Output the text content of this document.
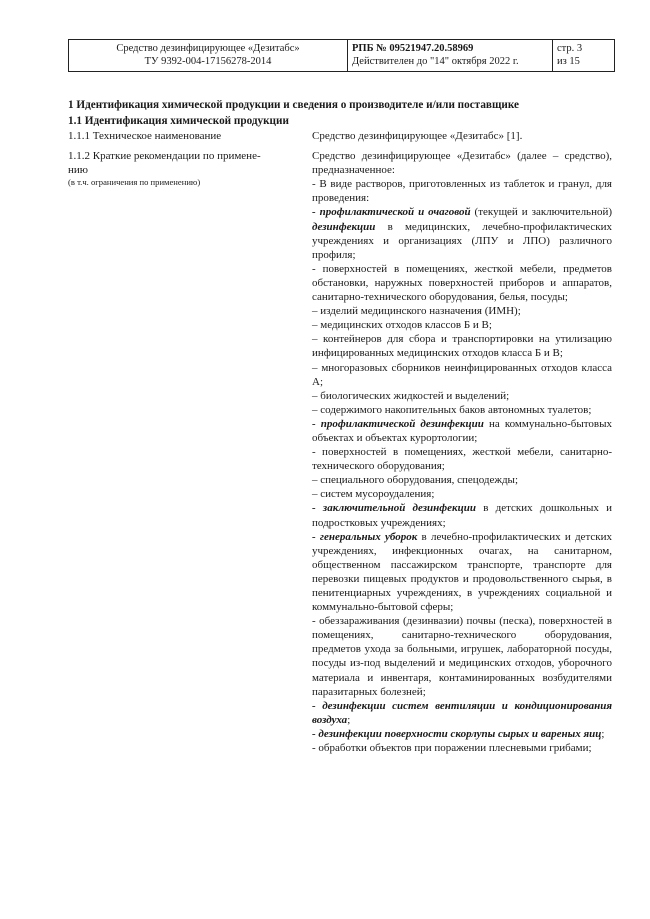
Средство дезинфицирующее «Дезитабс»
ТУ 9392-004-17156278-2014
РПБ № 09521947.20.58969
Действителен до "14" октября 2022 г.
стр. 3
из 15
1 Идентификация химической продукции и сведения о производителе и/или поставщике
1.1 Идентификация химической продукции
1.1.1 Техническое наименование
1.1.2 Краткие рекомендации по примене-
нию
(в т.ч. ограничения по применению)

Средство дезинфицирующее «Дезитабс» [1].

Средство дезинфицирующее «Дезитабс» (далее – средство), предназначенное:

- В виде растворов, приготовленных из таблеток и гранул, для проведения:

- профилактической и очаговой (текущей и заключительной) дезинфекции в медицинских, лечебно-профилактических учреждениях и организациях (ЛПУ и ЛПО) различного профиля;

- поверхностей в помещениях, жесткой мебели, предметов обстановки, наружных поверхностей приборов и аппаратов, санитарно-технического оборудования, белья, посуды;

– изделий медицинского назначения (ИМН);

– медицинских отходов классов Б и В;

– контейнеров для сбора и транспортировки на утилизацию инфицированных медицинских отходов класса Б и В;

– многоразовых сборников неинфицированных отходов класса А;

– биологических жидкостей и выделений;

– содержимого накопительных баков автономных туалетов;

- профилактической дезинфекции на коммунально-бытовых объектах и объектах курортологии;

- поверхностей в помещениях, жесткой мебели, санитарно-технического оборудования;

– специального оборудования, спецодежды;

– систем мусороудаления;

- заключительной дезинфекции в детских дошкольных и подростковых учреждениях;

- генеральных уборок в лечебно-профилактических и детских учреждениях, инфекционных очагах, на санитарном, общественном пассажирском транспорте, транспорте для перевозки пищевых продуктов и продовольственного сырья, в пенитенциарных учреждениях, в учреждениях социальной и коммунально-бытовой сферы;

- обеззараживания (дезинвазии) почвы (песка), поверхностей в помещениях, санитарно-технического оборудования, предметов ухода за больными, игрушек, лабораторной посуды, посуды из-под выделений и медицинских отходов, уборочного материала и инвентаря, контаминированных возбудителями паразитарных болезней;

- дезинфекции систем вентиляции и кондиционирования воздуха;

- дезинфекции поверхности скорлупы сырых и вареных яиц;

- обработки объектов при поражении плесневыми грибами;
